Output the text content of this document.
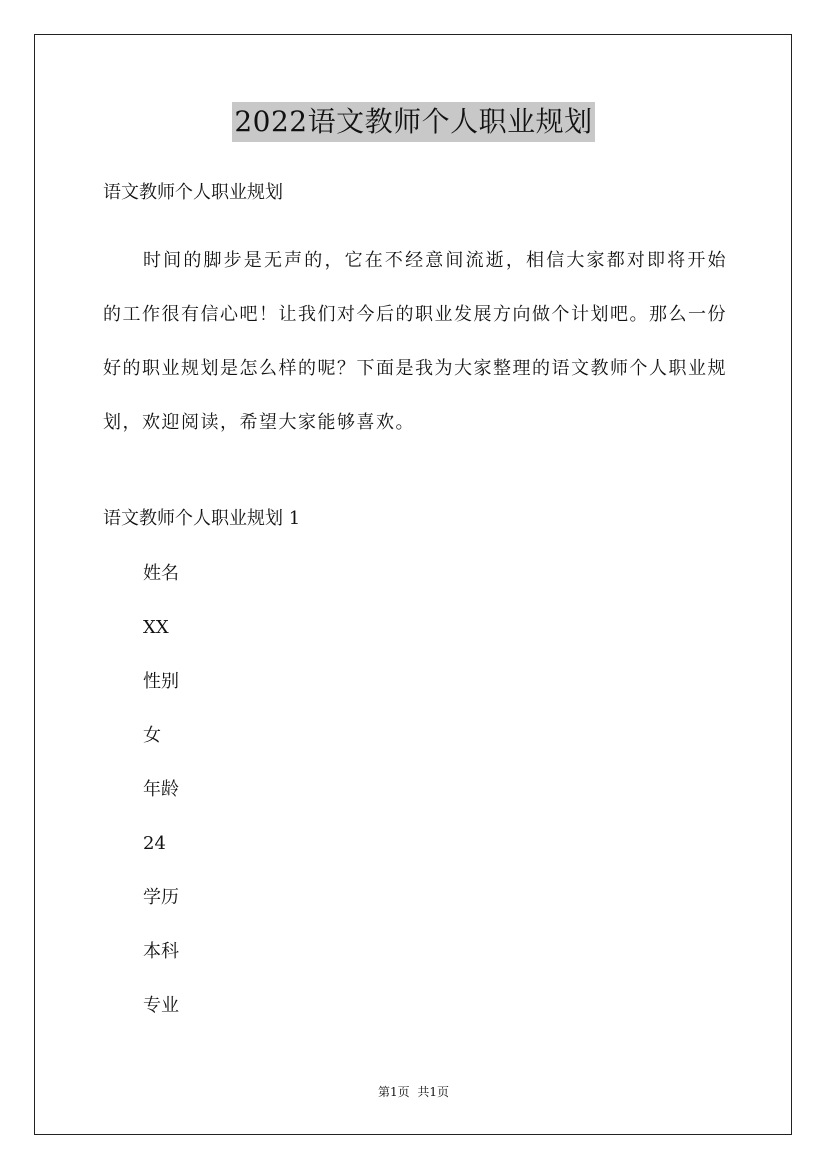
2022语文教师个人职业规划
语文教师个人职业规划
时间的脚步是无声的，它在不经意间流逝，相信大家都对即将开始的工作很有信心吧！让我们对今后的职业发展方向做个计划吧。那么一份好的职业规划是怎么样的呢？下面是我为大家整理的语文教师个人职业规划，欢迎阅读，希望大家能够喜欢。
语文教师个人职业规划 1
姓名
XX
性别
女
年龄
24
学历
本科
专业
第1页 共1页
